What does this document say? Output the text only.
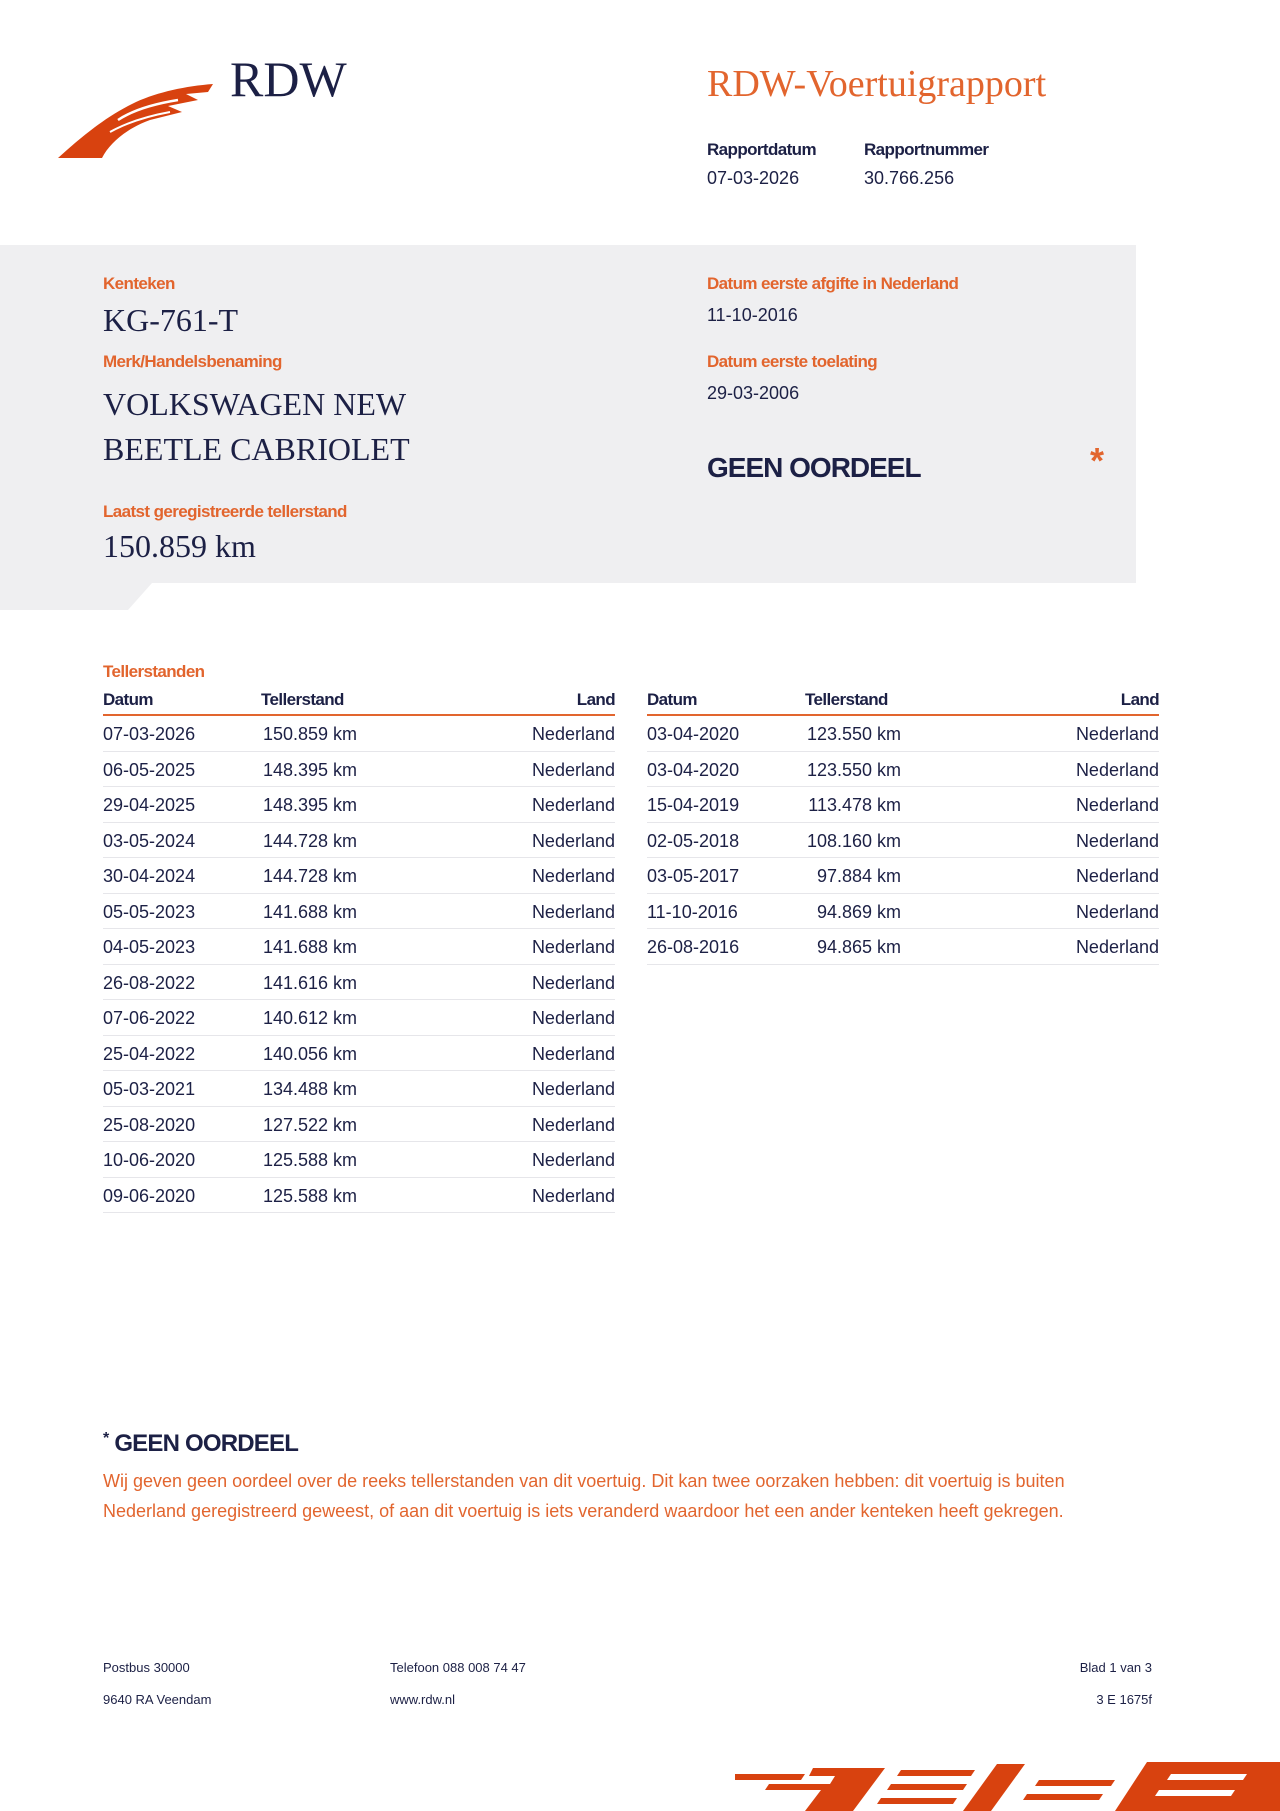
RDW	RDW-Voertuigrapport
Rapportdatum
07-03-2026
Rapportnummer
30.766.256
Kenteken
KG-761-T
Merk/Handelsbenaming
VOLKSWAGEN NEW BEETLE CABRIOLET
Laatst geregistreerde tellerstand
150.859 km
Datum eerste afgifte in Nederland
11-10-2016
Datum eerste toelating
29-03-2006
GEEN OORDEEL	*
Tellerstanden
Datum	Tellerstand	Land
07-03-2026	150.859 km	Nederland
06-05-2025	148.395 km	Nederland
29-04-2025	148.395 km	Nederland
03-05-2024	144.728 km	Nederland
30-04-2024	144.728 km	Nederland
05-05-2023	141.688 km	Nederland
04-05-2023	141.688 km	Nederland
26-08-2022	141.616 km	Nederland
07-06-2022	140.612 km	Nederland
25-04-2022	140.056 km	Nederland
05-03-2021	134.488 km	Nederland
25-08-2020	127.522 km	Nederland
10-06-2020	125.588 km	Nederland
09-06-2020	125.588 km	Nederland
Datum	Tellerstand	Land
03-04-2020	123.550 km	Nederland
03-04-2020	123.550 km	Nederland
15-04-2019	113.478 km	Nederland
02-05-2018	108.160 km	Nederland
03-05-2017	97.884 km	Nederland
11-10-2016	94.869 km	Nederland
26-08-2016	94.865 km	Nederland
* GEEN OORDEEL
Wij geven geen oordeel over de reeks tellerstanden van dit voertuig. Dit kan twee oorzaken hebben: dit voertuig is buiten Nederland geregistreerd geweest, of aan dit voertuig is iets veranderd waardoor het een ander kenteken heeft gekregen.
Postbus 30000
9640 RA Veendam
Telefoon 088 008 74 47
www.rdw.nl
Blad 1 van 3
3 E 1675f
